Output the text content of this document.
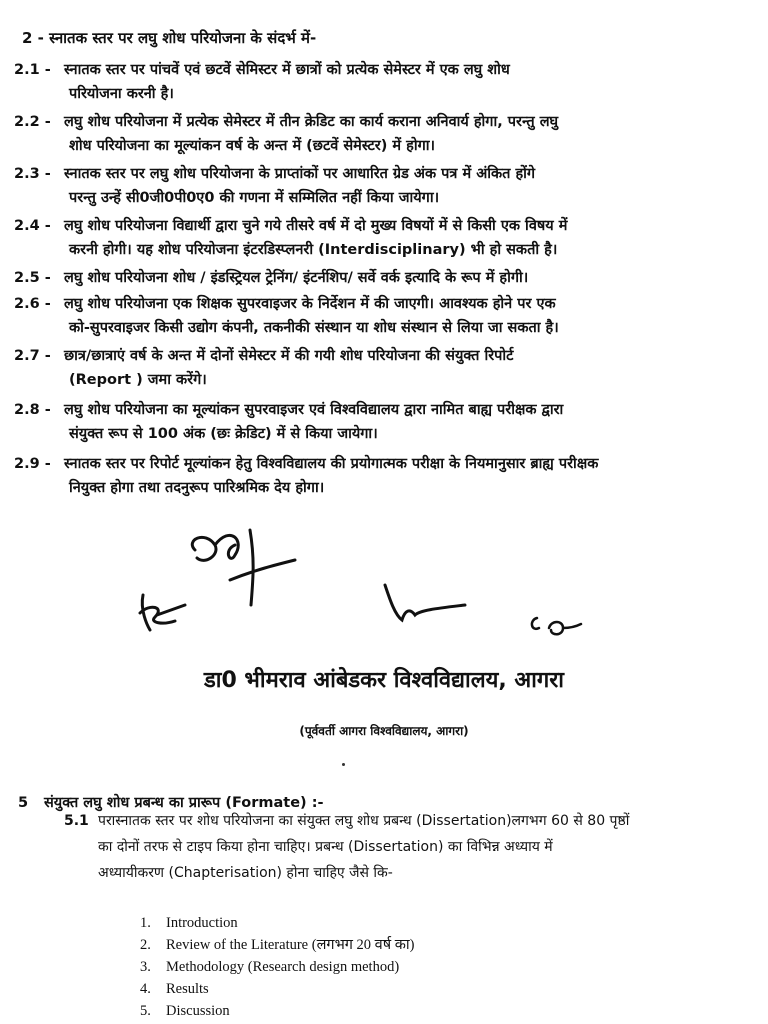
2 - स्नातक स्तर पर लघु शोध परियोजना के संदर्भ में-
2.1 - स्नातक स्तर पर पांचवें एवं छटवें सेमिस्टर में छात्रों को प्रत्येक सेमेस्टर में एक लघु शोध
परियोजना करनी है।
2.2 - लघु शोध परियोजना में प्रत्येक सेमेस्टर में तीन क्रेडिट का कार्य कराना अनिवार्य होगा, परन्तु लघु
शोध परियोजना का मूल्यांकन वर्ष के अन्त में (छटवें सेमेस्टर) में होगा।
2.3 - स्नातक स्तर पर लघु शोध परियोजना के प्राप्तांकों पर आधारित ग्रेड अंक पत्र में अंकित होंगे
परन्तु उन्हें सी0जी0पी0ए0 की गणना में सम्मिलित नहीं किया जायेगा।
2.4 - लघु शोध परियोजना विद्यार्थी द्वारा चुने गये तीसरे वर्ष में दो मुख्य विषयों में से किसी एक विषय में
करनी होगी। यह शोध परियोजना इंटरडिस्प्लनरी (Interdisciplinary) भी हो सकती है।
2.5 - लघु शोध परियोजना शोध / इंडस्ट्रियल ट्रेनिंग/ इंटर्नशिप/ सर्वे वर्क इत्यादि के रूप में होगी।
2.6 - लघु शोध परियोजना एक शिक्षक सुपरवाइजर के निर्देशन में की जाएगी। आवश्यक होने पर एक
को-सुपरवाइजर किसी उद्योग कंपनी, तकनीकी संस्थान या शोध संस्थान से लिया जा सकता है।
2.7 - छात्र/छात्राएं वर्ष के अन्त में दोनों सेमेस्टर में की गयी शोध परियोजना की संयुक्त रिपोर्ट
(Report ) जमा करेंगे।
2.8 - लघु शोध परियोजना का मूल्यांकन सुपरवाइजर एवं विश्वविद्यालय द्वारा नामित बाह्य परीक्षक द्वारा
संयुक्त रूप से 100 अंक (छः क्रेडिट) में से किया जायेगा।
2.9 - स्नातक स्तर पर रिपोर्ट मूल्यांकन हेतु विश्वविद्यालय की प्रयोगात्मक परीक्षा के नियमानुसार ब्राह्य परीक्षक
नियुक्त होगा तथा तदनुरूप पारिश्रमिक देय होगा।
डा0 भीमराव आंबेडकर विश्वविद्यालय, आगरा
(पूर्ववर्ती आगरा विश्वविद्यालय, आगरा)
5 संयुक्त लघु शोध प्रबन्ध का प्रारूप (Formate) :-
5.1 परास्नातक स्तर पर शोध परियोजना का संयुक्त लघु शोध प्रबन्ध (Dissertation)लगभग 60 से 80 पृष्ठों
का दोनों तरफ से टाइप किया होना चाहिए। प्रबन्ध (Dissertation) का विभिन्न अध्याय में
अध्यायीकरण (Chapterisation) होना चाहिए जैसे कि-
1. Introduction
2. Review of the Literature (लगभग 20 वर्ष का)
3. Methodology (Research design method)
4. Results
5. Discussion
